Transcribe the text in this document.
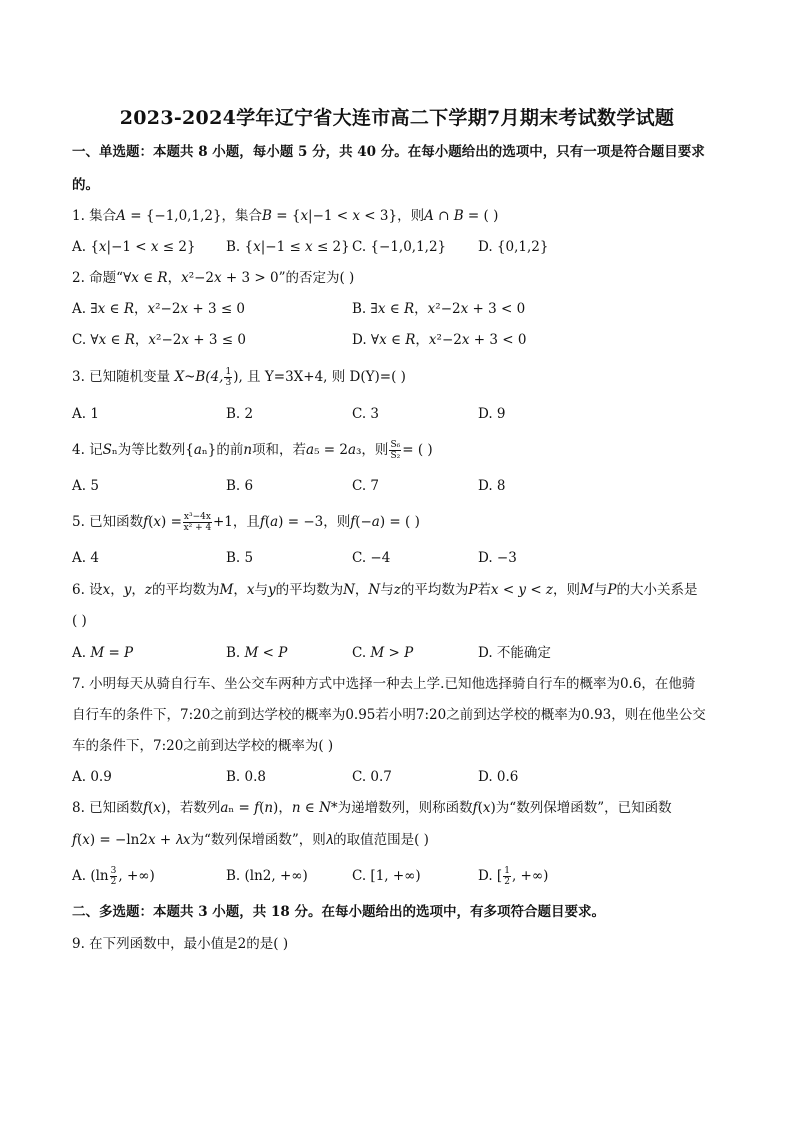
2023-2024学年辽宁省大连市高二下学期7月期末考试数学试题
一、单选题：本题共 8 小题，每小题 5 分，共 40 分。在每小题给出的选项中，只有一项是符合题目要求
的。
1. 集合𝐴 = {−1,0,1,2}，集合𝐵 = {𝑥|−1 < 𝑥 < 3}，则𝐴 ∩ 𝐵 = ( )
A. {𝑥|−1 < 𝑥 ≤ 2} B. {𝑥|−1 ≤ 𝑥 ≤ 2} C. {−1,0,1,2} D. {0,1,2}
2. 命题“∀𝑥 ∈ 𝑅，𝑥²−2𝑥 + 3 > 0”的否定为( )
A. ∃𝑥 ∈ 𝑅，𝑥²−2𝑥 + 3 ≤ 0	B. ∃𝑥 ∈ 𝑅，𝑥²−2𝑥 + 3 < 0
C. ∀𝑥 ∈ 𝑅，𝑥²−2𝑥 + 3 ≤ 0	D. ∀𝑥 ∈ 𝑅，𝑥²−2𝑥 + 3 < 0
3. 已知随机变量 X~B(4, $\frac{1}{3}$ ), 且 Y=3X+4, 则 D(Y)=( )
A. 1	B. 2	C. 3	D. 9
4. 记𝑆ₙ为等比数列{𝑎ₙ}的前𝑛项和，若𝑎₅ = 2𝑎₃，则 $\frac{\text{S₆}}{\text{S₂}}$ = ( )
A. 5	B. 6	C. 7	D. 8
5. 已知函数𝑓(𝑥) = $\frac{\text{x³−4x}}{\text{x² + 4}} +1$，且𝑓(𝑎) = −3，则𝑓(−𝑎) = ( )
A. 4	B. 5	C. −4	D. −3
6. 设𝑥，𝑦，𝑧的平均数为𝑀，𝑥与𝑦的平均数为𝑁，𝑁与𝑧的平均数为𝑃若𝑥 < 𝑦 < 𝑧，则𝑀与𝑃的大小关系是
( )
A. 𝑀 = 𝑃	B. 𝑀 < 𝑃	C. 𝑀 > 𝑃	D. 不能确定
7. 小明每天从骑自行车、坐公交车两种方式中选择一种去上学.已知他选择骑自行车的概率为0.6，在他骑
自行车的条件下，7:20之前到达学校的概率为0.95若小明7:20之前到达学校的概率为0.93，则在他坐公交
车的条件下，7:20之前到达学校的概率为( )
A. 0.9	B. 0.8	C. 0.7	D. 0.6
8. 已知函数𝑓(𝑥)，若数列𝑎ₙ = 𝑓(𝑛)，𝑛 ∈ 𝑁*为递增数列，则称函数𝑓(𝑥)为“数列保增函数”，已知函数
𝑓(𝑥) = −ln2𝑥 + 𝜆𝑥为“数列保增函数”，则𝜆的取值范围是( )
A. ($\ln \frac{3}{2}$ , +∞)	B. (ln2, +∞)	C. [1, +∞)	D. [ $\frac{1}{2}$ , +∞)
二、多选题：本题共 3 小题，共 18 分。在每小题给出的选项中，有多项符合题目要求。
9. 在下列函数中，最小值是2的是( )
